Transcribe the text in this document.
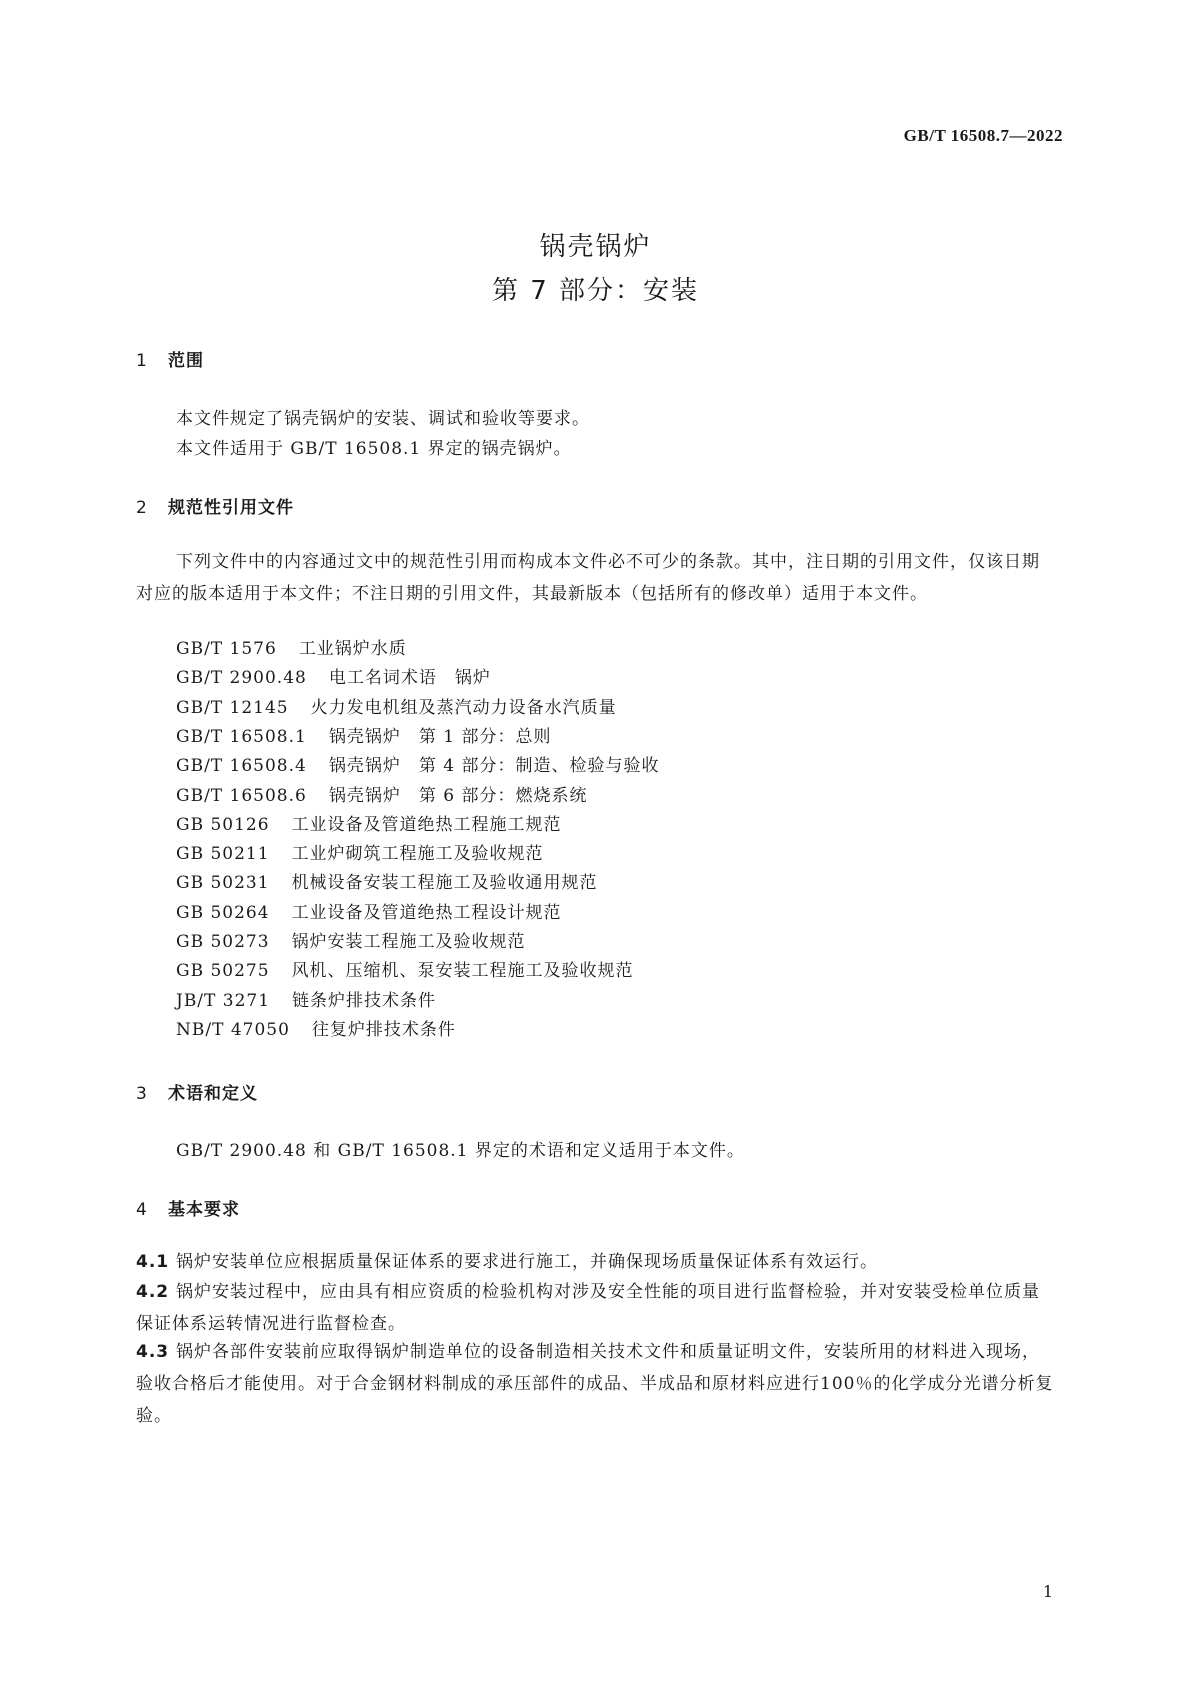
GB/T 16508.7—2022
锅壳锅炉
第 7 部分：安装
1 范围
本文件规定了锅壳锅炉的安装、调试和验收等要求。
本文件适用于 GB/T 16508.1 界定的锅壳锅炉。
2 规范性引用文件
下列文件中的内容通过文中的规范性引用而构成本文件必不可少的条款。其中，注日期的引用文件，仅该日期对应的版本适用于本文件；不注日期的引用文件，其最新版本（包括所有的修改单）适用于本文件。
GB/T 1576 工业锅炉水质
GB/T 2900.48 电工名词术语　锅炉
GB/T 12145 火力发电机组及蒸汽动力设备水汽质量
GB/T 16508.1 锅壳锅炉　第 1 部分：总则
GB/T 16508.4 锅壳锅炉　第 4 部分：制造、检验与验收
GB/T 16508.6 锅壳锅炉　第 6 部分：燃烧系统
GB 50126 工业设备及管道绝热工程施工规范
GB 50211 工业炉砌筑工程施工及验收规范
GB 50231 机械设备安装工程施工及验收通用规范
GB 50264 工业设备及管道绝热工程设计规范
GB 50273 锅炉安装工程施工及验收规范
GB 50275 风机、压缩机、泵安装工程施工及验收规范
JB/T 3271 链条炉排技术条件
NB/T 47050 往复炉排技术条件
3 术语和定义
GB/T 2900.48 和 GB/T 16508.1 界定的术语和定义适用于本文件。
4 基本要求
4.1 锅炉安装单位应根据质量保证体系的要求进行施工，并确保现场质量保证体系有效运行。
4.2 锅炉安装过程中，应由具有相应资质的检验机构对涉及安全性能的项目进行监督检验，并对安装受检单位质量保证体系运转情况进行监督检查。
4.3 锅炉各部件安装前应取得锅炉制造单位的设备制造相关技术文件和质量证明文件，安装所用的材料进入现场，验收合格后才能使用。对于合金钢材料制成的承压部件的成品、半成品和原材料应进行100％的化学成分光谱分析复验。
1
